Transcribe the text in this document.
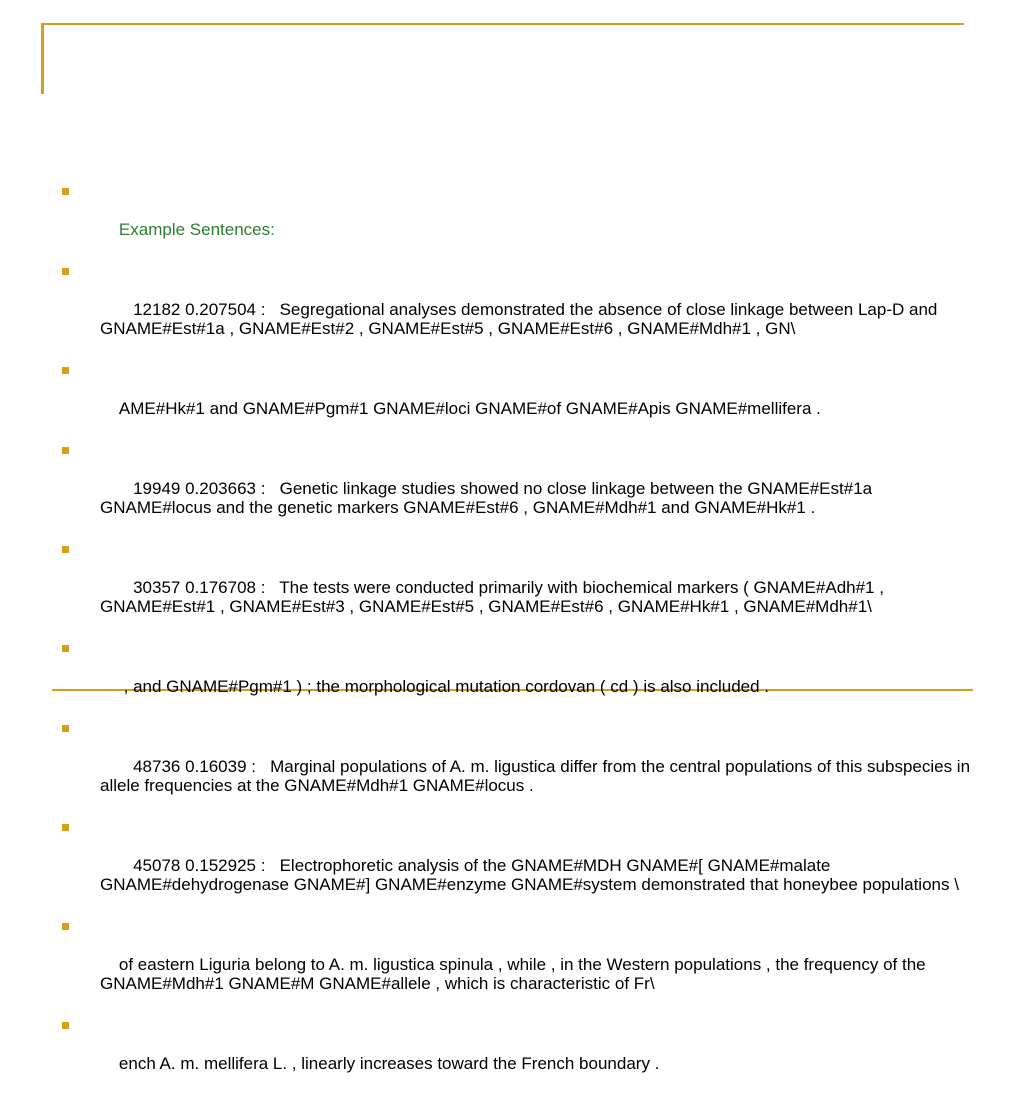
Example Sentences:

12182 0.207504 :   Segregational analyses demonstrated the absence of close linkage between Lap-D and GNAME#Est#1a , GNAME#Est#2 , GNAME#Est#5 , GNAME#Est#6 , GNAME#Mdh#1 , GN\

AME#Hk#1 and GNAME#Pgm#1 GNAME#loci GNAME#of GNAME#Apis GNAME#mellifera .

19949 0.203663 :   Genetic linkage studies showed no close linkage between the GNAME#Est#1a GNAME#locus and the genetic markers GNAME#Est#6 , GNAME#Mdh#1 and GNAME#Hk#1 .

30357 0.176708 :   The tests were conducted primarily with biochemical markers ( GNAME#Adh#1 , GNAME#Est#1 , GNAME#Est#3 , GNAME#Est#5 , GNAME#Est#6 , GNAME#Hk#1 , GNAME#Mdh#1\

, and GNAME#Pgm#1 ) ; the morphological mutation cordovan ( cd ) is also included .

48736 0.16039 :   Marginal populations of A. m. ligustica differ from the central populations of this subspecies in allele frequencies at the GNAME#Mdh#1 GNAME#locus .

45078 0.152925 :   Electrophoretic analysis of the GNAME#MDH GNAME#[ GNAME#malate GNAME#dehydrogenase GNAME#] GNAME#enzyme GNAME#system demonstrated that honeybee populations \

of eastern Liguria belong to A. m. ligustica spinula , while , in the Western populations , the frequency of the GNAME#Mdh#1 GNAME#M GNAME#allele , which is characteristic of Fr\

ench A. m. mellifera L. , linearly increases toward the French boundary .
